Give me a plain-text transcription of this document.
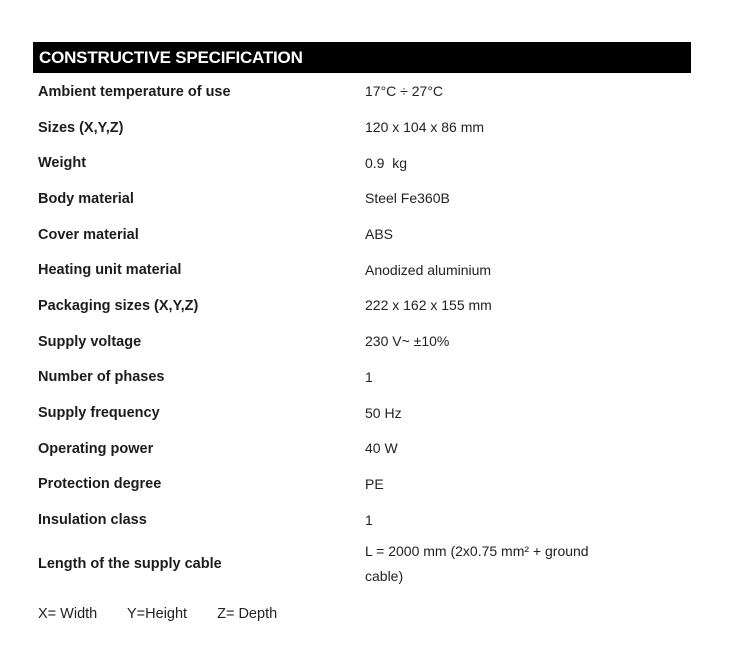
CONSTRUCTIVE SPECIFICATION
Ambient temperature of use	17°C ÷ 27°C
Sizes (X,Y,Z)	120 x 104 x 86 mm
Weight	0.9  kg
Body material	Steel Fe360B
Cover material	ABS
Heating unit material	Anodized aluminium
Packaging sizes (X,Y,Z)	222 x 162 x 155 mm
Supply voltage	230 V~ ±10%
Number of phases	1
Supply frequency	50 Hz
Operating power	40 W
Protection degree	PE
Insulation class	1
Length of the supply cable	L = 2000 mm (2x0.75 mm² + ground
cable)
X= Width Y=Height Z= Depth
